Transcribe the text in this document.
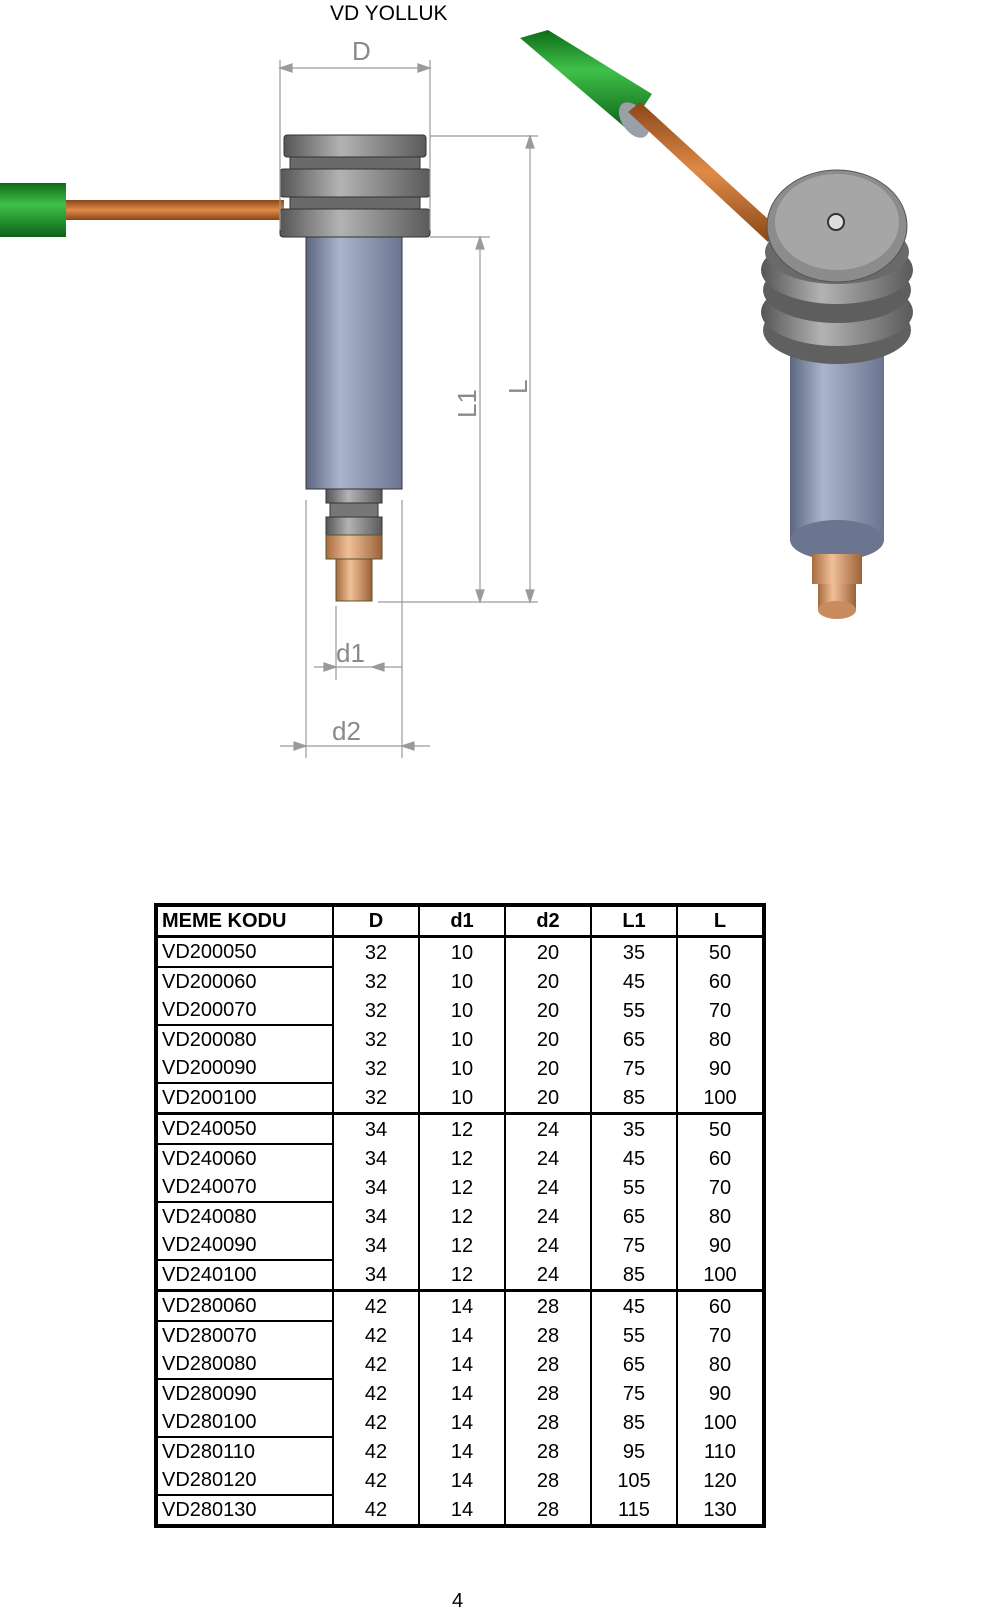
VD YOLLUK
D
L
L1
d1
d2
MEME KODU	D	d1	d2	L1	L
VD200050	32	10	20	35	50
VD200060	32	10	20	45	60
VD200070	32	10	20	55	70
VD200080	32	10	20	65	80
VD200090	32	10	20	75	90
VD200100	32	10	20	85	100
VD240050	34	12	24	35	50
VD240060	34	12	24	45	60
VD240070	34	12	24	55	70
VD240080	34	12	24	65	80
VD240090	34	12	24	75	90
VD240100	34	12	24	85	100
VD280060	42	14	28	45	60
VD280070	42	14	28	55	70
VD280080	42	14	28	65	80
VD280090	42	14	28	75	90
VD280100	42	14	28	85	100
VD280110	42	14	28	95	110
VD280120	42	14	28	105	120
VD280130	42	14	28	115	130
4
